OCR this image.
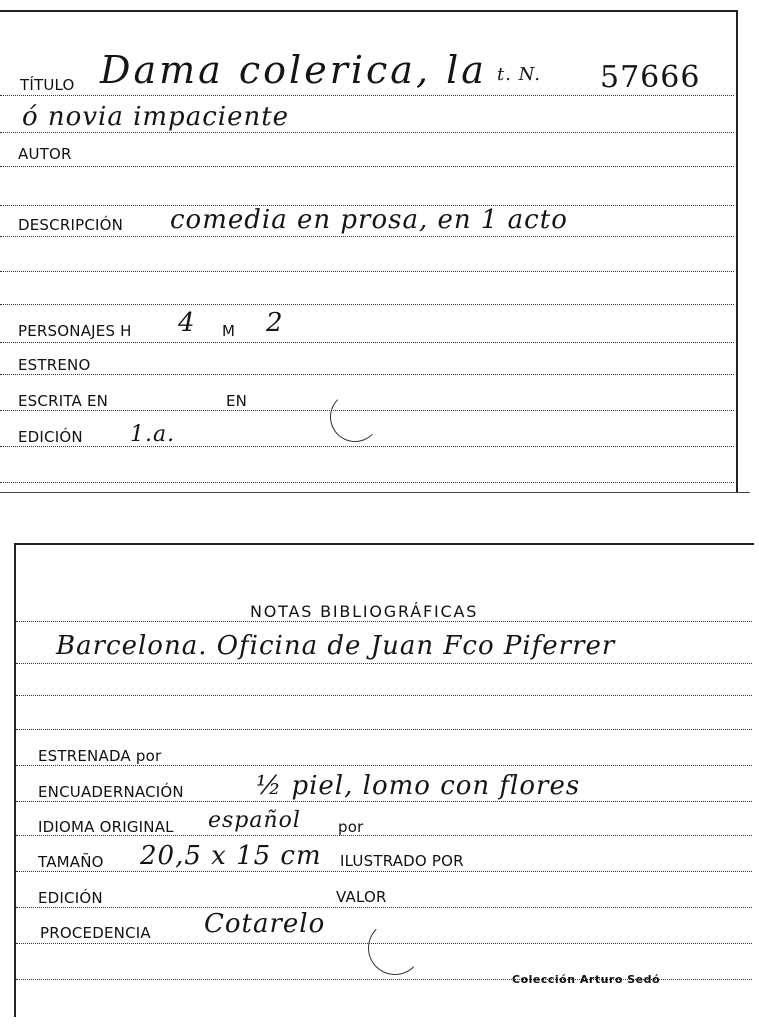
TÍTULO Dama colerica, la t. N. 57666
ó novia impaciente
AUTOR
DESCRIPCIÓN comedia en prosa, en 1 acto
PERSONAJES H 4 M 2
ESTRENO
ESCRITA EN	EN
EDICIÓN 1.a.
NOTAS BIBLIOGRÁFICAS
Barcelona. Oficina de Juan Fco Piferrer
ESTRENADA por
ENCUADERNACIÓN	½ piel, lomo con flores
IDIOMA ORIGINAL español por
TAMAÑO 20,5 x 15 cm ILUSTRADO POR
EDICIÓN	VALOR
PROCEDENCIA Cotarelo
Colección Arturo Sedó
